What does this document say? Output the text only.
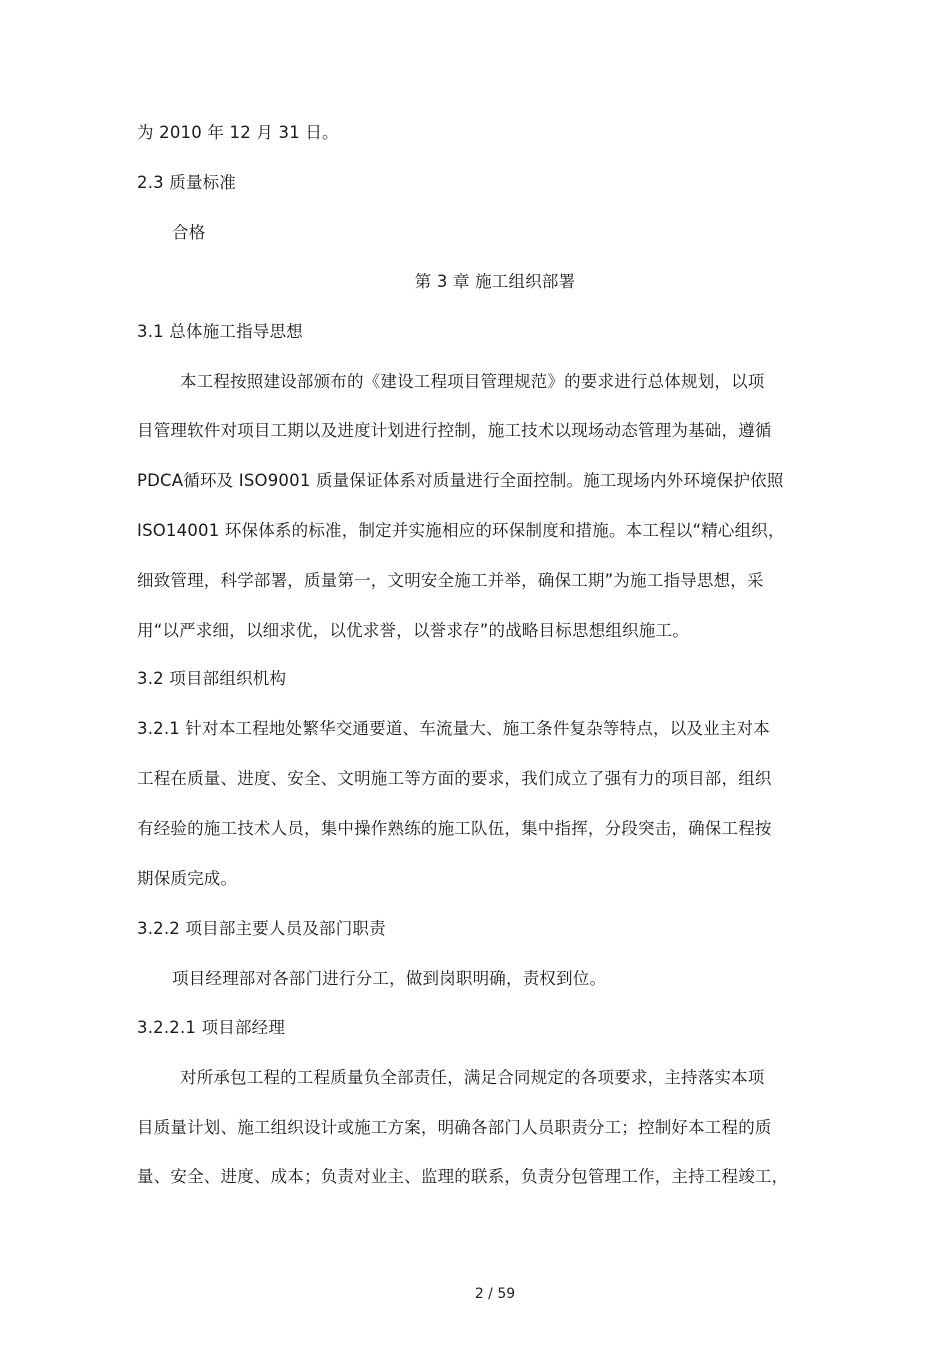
为 2010 年 12 月 31 日。
2.3 质量标准
合格
第 3 章 施工组织部署
3.1 总体施工指导思想
本工程按照建设部颁布的《建设工程项目管理规范》的要求进行总体规划，以项
目管理软件对项目工期以及进度计划进行控制，施工技术以现场动态管理为基础，遵循
PDCA循环及 ISO9001 质量保证体系对质量进行全面控制。施工现场内外环境保护依照
ISO14001 环保体系的标准，制定并实施相应的环保制度和措施。本工程以“精心组织，
细致管理，科学部署，质量第一，文明安全施工并举，确保工期”为施工指导思想，采
用“以严求细，以细求优，以优求誉，以誉求存”的战略目标思想组织施工。
3.2 项目部组织机构
3.2.1 针对本工程地处繁华交通要道、车流量大、施工条件复杂等特点，以及业主对本
工程在质量、进度、安全、文明施工等方面的要求，我们成立了强有力的项目部，组织
有经验的施工技术人员，集中操作熟练的施工队伍，集中指挥，分段突击，确保工程按
期保质完成。
3.2.2 项目部主要人员及部门职责
项目经理部对各部门进行分工，做到岗职明确，责权到位。
3.2.2.1 项目部经理
对所承包工程的工程质量负全部责任，满足合同规定的各项要求，主持落实本项
目质量计划、施工组织设计或施工方案，明确各部门人员职责分工；控制好本工程的质
量、安全、进度、成本；负责对业主、监理的联系，负责分包管理工作，主持工程竣工，
2 / 59
